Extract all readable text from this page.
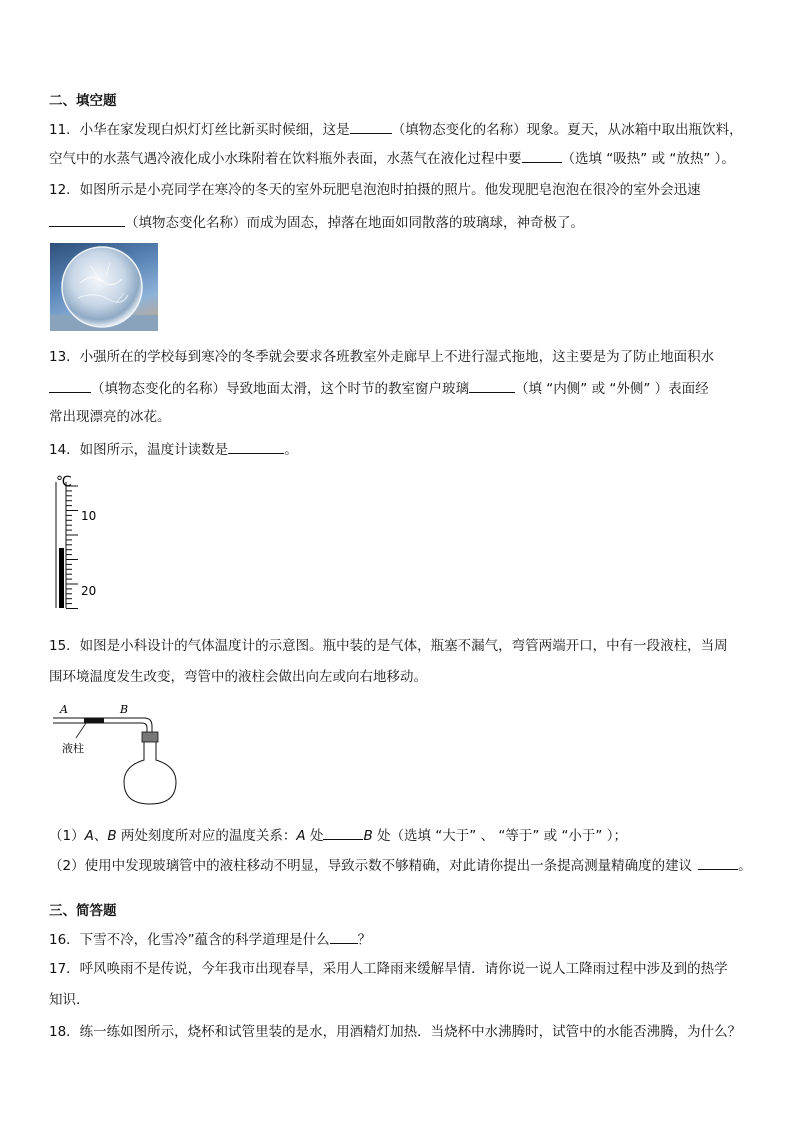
二、填空题
11．小华在家发现白炽灯灯丝比新买时候细，这是	（填物态变化的名称）现象。夏天，从冰箱中取出瓶饮料，
空气中的水蒸气遇冷液化成小水珠附着在饮料瓶外表面，水蒸气在液化过程中要	（选填 “吸热” 或 “放热” ）。
12．如图所示是小亮同学在寒冷的冬天的室外玩肥皂泡泡时拍摄的照片。他发现肥皂泡泡在很冷的室外会迅速
（填物态变化名称）而成为固态，掉落在地面如同散落的玻璃球，神奇极了。
13．小强所在的学校每到寒冷的冬季就会要求各班教室外走廊早上不进行湿式拖地，这主要是为了防止地面积水
（填物态变化的名称）导致地面太滑，这个时节的教室窗户玻璃	（填 “内侧” 或 “外侧” ）表面经
常出现漂亮的冰花。
14．如图所示，温度计读数是	。
℃
10
20
15．如图是小科设计的气体温度计的示意图。瓶中装的是气体，瓶塞不漏气，弯管两端开口，中有一段液柱，当周
围环境温度发生改变，弯管中的液柱会做出向左或向右地移动。
A	B
液柱
（1）A、B 两处刻度所对应的温度关系：A 处	B 处（选填 “大于” 、 “等于” 或 “小于” ）；
（2）使用中发现玻璃管中的液柱移动不明显，导致示数不够精确，对此请你提出一条提高测量精确度的建议	。
三、简答题
16．下雪不冷，化雪冷”蕴含的科学道理是什么 ？
17．呼风唤雨不是传说，今年我市出现春旱，采用人工降雨来缓解旱情．请你说一说人工降雨过程中涉及到的热学
知识．
18．练一练如图所示，烧杯和试管里装的是水，用酒精灯加热．当烧杯中水沸腾时，试管中的水能否沸腾，为什么？
